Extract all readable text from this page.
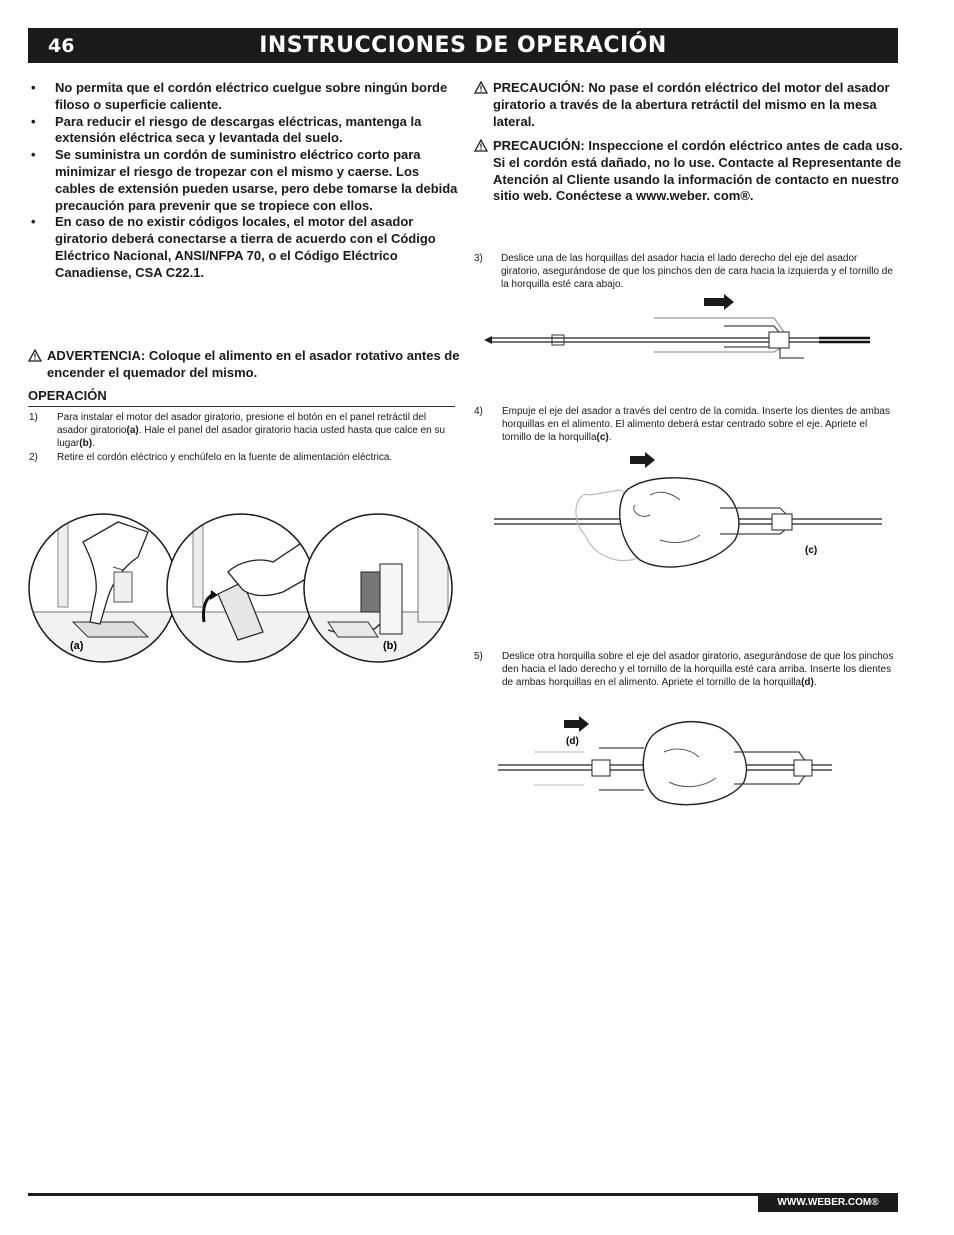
46	INSTRUCCIONES DE OPERACIÓN
• No permita que el cordón eléctrico cuelgue sobre ningún borde filoso o superficie caliente.
• Para reducir el riesgo de descargas eléctricas, mantenga la extensión eléctrica seca y levantada del suelo.
• Se suministra un cordón de suministro eléctrico corto para minimizar el riesgo de tropezar con el mismo y caerse. Los cables de extensión pueden usarse, pero debe tomarse la debida precaución para prevenir que se tropiece con ellos.
• En caso de no existir códigos locales, el motor del asador giratorio deberá conectarse a tierra de acuerdo con el Código Eléctrico Nacional, ANSI/NFPA 70, o el Código Eléctrico Canadiense, CSA C22.1.
ADVERTENCIA: Coloque el alimento en el asador rotativo antes de encender el quemador del mismo.
OPERACIÓN
1) Para instalar el motor del asador giratorio, presione el botón en el panel retráctil del asador giratorio(a). Hale el panel del asador giratorio hacia usted hasta que calce en su lugar(b).
2) Retire el cordón eléctrico y enchúfelo en la fuente de alimentación eléctrica.
(a)	(b)
PRECAUCIÓN: No pase el cordón eléctrico del motor del asador giratorio a través de la abertura retráctil del mismo en la mesa lateral.
PRECAUCIÓN: Inspeccione el cordón eléctrico antes de cada uso. Si el cordón está dañado, no lo use. Contacte al Representante de Atención al Cliente usando la información de contacto en nuestro sitio web. Conéctese a www.weber. com®.
3)	Deslice una de las horquillas del asador hacia el lado derecho del eje del asador giratorio, asegurándose de que los pinchos den de cara hacia la izquierda y el tornillo de la horquilla esté cara abajo.
4)	Empuje el eje del asador a través del centro de la comida. Inserte los dientes de ambas horquillas en el alimento. El alimento deberá estar centrado sobre el eje. Apriete el tornillo de la horquilla(c).
(c)
5)	Deslice otra horquilla sobre el eje del asador giratorio, asegurándose de que los pinchos den hacia el lado derecho y el tornillo de la horquilla esté cara arriba. Inserte los dientes de ambas horquillas en el alimento. Apriete el tornillo de la horquilla(d).
(d)
WWW.WEBER.COM®
